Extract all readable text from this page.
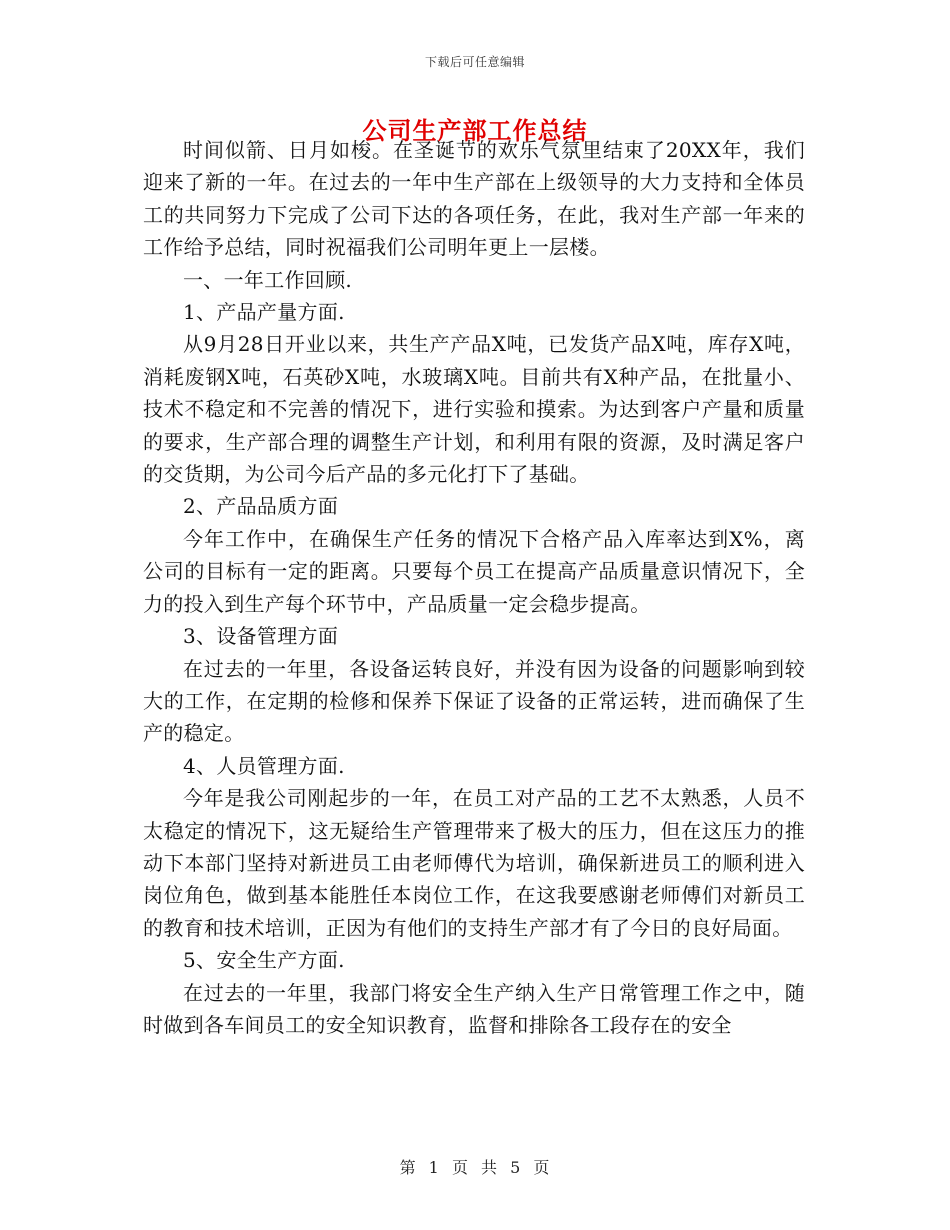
下载后可任意编辑
公司生产部工作总结

时间似箭、日月如梭。在圣诞节的欢乐气氛里结束了20XX年，我们迎来了新的一年。在过去的一年中生产部在上级领导的大力支持和全体员工的共同努力下完成了公司下达的各项任务，在此，我对生产部一年来的工作给予总结，同时祝福我们公司明年更上一层楼。

一、一年工作回顾.

1、产品产量方面.

从9月28日开业以来，共生产产品X吨，已发货产品X吨，库存X吨，消耗废钢X吨，石英砂X吨，水玻璃X吨。目前共有X种产品，在批量小、技术不稳定和不完善的情况下，进行实验和摸索。为达到客户产量和质量的要求，生产部合理的调整生产计划，和利用有限的资源，及时满足客户的交货期，为公司今后产品的多元化打下了基础。

2、产品品质方面

今年工作中，在确保生产任务的情况下合格产品入库率达到X%，离公司的目标有一定的距离。只要每个员工在提高产品质量意识情况下，全力的投入到生产每个环节中，产品质量一定会稳步提高。

3、设备管理方面

在过去的一年里，各设备运转良好，并没有因为设备的问题影响到较大的工作，在定期的检修和保养下保证了设备的正常运转，进而确保了生产的稳定。

4、人员管理方面.

今年是我公司刚起步的一年，在员工对产品的工艺不太熟悉，人员不太稳定的情况下，这无疑给生产管理带来了极大的压力，但在这压力的推动下本部门坚持对新进员工由老师傅代为培训，确保新进员工的顺利进入岗位角色，做到基本能胜任本岗位工作，在这我要感谢老师傅们对新员工的教育和技术培训，正因为有他们的支持生产部才有了今日的良好局面。

5、安全生产方面.

在过去的一年里，我部门将安全生产纳入生产日常管理工作之中，随时做到各车间员工的安全知识教育，监督和排除各工段存在的安全

第 1 页 共 5 页
